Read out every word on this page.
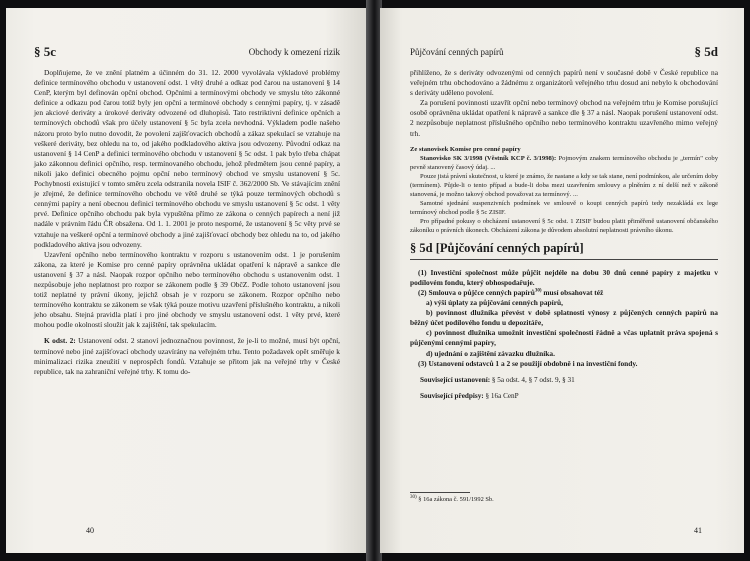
§ 5c	Obchody k omezení rizik

Doplňujeme, že ve znění platném a účinném do 31. 12. 2000 vyvolávala výkladové problémy definice termínového obchodu v ustanovení odst. 1 větý druhé a odkaz pod čarou na ustanovení § 14 CenP, kterým byl definován opční obchod. Opčními a termínovými obchody ve smyslu této zákonné definice a odkazu pod čarou totiž byly jen opční a termínové obchody s cennými papíry, tj. v zásadě jen akciové deriváty a úrokové deriváty odvozené od dluhopisů. Tato restriktivní definice opčních a termínových obchodů však pro účely ustanovení § 5c byla zcela nevhodná. Výkladem podle našeho názoru proto bylo nutno dovodit, že povolení zajišťovacích obchodů a zákaz spekulací se vztahuje na veškeré deriváty, bez ohledu na to, od jakého podkladového aktiva jsou odvozeny. Původní odkaz na ustanovení § 14 CenP a definici termínového obchodu v ustanovení § 5c odst. 1 pak bylo třeba chápat jako zákonnou definici opčního, resp. termínovaného obchodu, jehož předmětem jsou cenné papíry, a nikoli jako definici obecného pojmu opční nebo termínový obchod ve smyslu ustanovení § 5c. Pochybnosti existující v tomto směru zcela odstranila novela ISIF č. 362/2000 Sb. Ve stávajícím znění je zřejmé, že definice termínového obchodu ve větě druhé se týká pouze termínových obchodů s cennými papíry a není obecnou definicí termínového obchodu ve smyslu ustanovení § 5c odst. 1 věty prvé. Definice opčního obchodu pak byla vypuštěna přímo ze zákona o cenných papírech a není již nadále v právním řádu ČR obsažena. Od 1. 1. 2001 je proto nesporné, že ustanovení § 5c věty prvé se vztahuje na veškeré opční a termínové obchody a jiné zajišťovací obchody bez ohledu na to, od jakého podkladového aktiva jsou odvozeny.

Uzavření opčního nebo termínového kontraktu v rozporu s ustanovením odst. 1 je porušením zákona, za které je Komise pro cenné papíry oprávněna ukládat opatření k nápravě a sankce dle ustanovení § 37 a násl. Naopak rozpor opčního nebo termínového obchodu s ustanovením odst. 1 nezpůsobuje jeho neplatnost pro rozpor se zákonem podle § 39 ObčZ. Podle tohoto ustanovení jsou totiž neplatné ty právní úkony, jejichž obsah je v rozporu se zákonem. Rozpor opčního nebo termínového kontraktu se zákonem se však týká pouze motivu uzavření příslušného kontraktu, a nikoli jeho obsahu. Stejná pravidla platí i pro jiné obchody ve smyslu ustanovení odst. 1 věty prvé, které mohou podle okolností sloužit jak k zajištění, tak spekulacím.

K odst. 2: Ustanovení odst. 2 stanoví jednoznačnou povinnost, že je-li to možné, musí být opční, termínové nebo jiné zajišťovací obchody uzavírány na veřejném trhu. Tento požadavek opět směřuje k minimalizaci rizika zneužití v neprospěch fondů. Vztahuje se přitom jak na veřejné trhy v České republice, tak na zahraniční veřejné trhy. K tomu do-

40
Půjčování cenných papírů	§ 5d

přihlíženo, že s deriváty odvozenými od cenných papírů není v současné době v České republice na veřejném trhu obchodováno a žádnému z organizátorů veřejného trhu dosud ani nebylo k obchodování s deriváty uděleno povolení.

Za porušení povinnosti uzavřít opční nebo termínový obchod na veřejném trhu je Komise porušující osobě oprávněna ukládat opatření k nápravě a sankce dle § 37 a násl. Naopak porušení ustanovení odst. 2 nezpůsobuje neplatnost příslušného opčního nebo termínového kontraktu uzavřeného mimo veřejný trh.

Ze stanovisek Komise pro cenné papíry

Stanovisko SK 3/1998 (Věstník KCP č. 3/1998): Pojmovým znakem termínového obchodu je „termín" coby pevně stanovený časový údaj. ...

Pouze jistá právní skutečnost, u které je známo, že nastane a kdy se tak stane, není podmínkou, ale určením doby (termínem). Půjde-li o tento případ a bude-li doba mezi uzavřením smlouvy a plněním z ní delší než v zákoně stanovená, je možno takový obchod považovat za termínový. ...

Samotné sjednání suspenzivních podmínek ve smlouvě o koupi cenných papírů tedy nezakládá ex lege termínový obchod podle § 5c ZISIF.

Pro případné pokusy o obcházení ustanovení § 5c odst. 1 ZISIF budou platit přiměřeně ustanovení občanského zákoníku o právních úkonech. Obcházení zákona je důvodem absolutní neplatnosti právního úkonu.

§ 5d [Půjčování cenných papírů]

(1) Investiční společnost může půjčit nejdéle na dobu 30 dnů cenné papíry z majetku v podílovém fondu, který obhospodařuje.

(2) Smlouva o půjčce cenných papírů$^{30)}$ musí obsahovat též

a) výši úplaty za půjčování cenných papírů,

b) povinnost dlužníka převést v době splatnosti výnosy z půjčených cenných papírů na běžný účet podílového fondu u depozitáře,

c) povinnost dlužníka umožnit investiční společnosti řádně a včas uplatnit práva spojená s půjčenými cennými papíry,

d) ujednání o zajištění závazku dlužníka.

(3) Ustanovení odstavců 1 a 2 se použijí obdobně i na investiční fondy.

Související ustanovení: § 5a odst. 4, § 7 odst. 9, § 31

Související předpisy: § 16a CenP

$^{30)}$ § 16a zákona č. 591/1992 Sb.
41
